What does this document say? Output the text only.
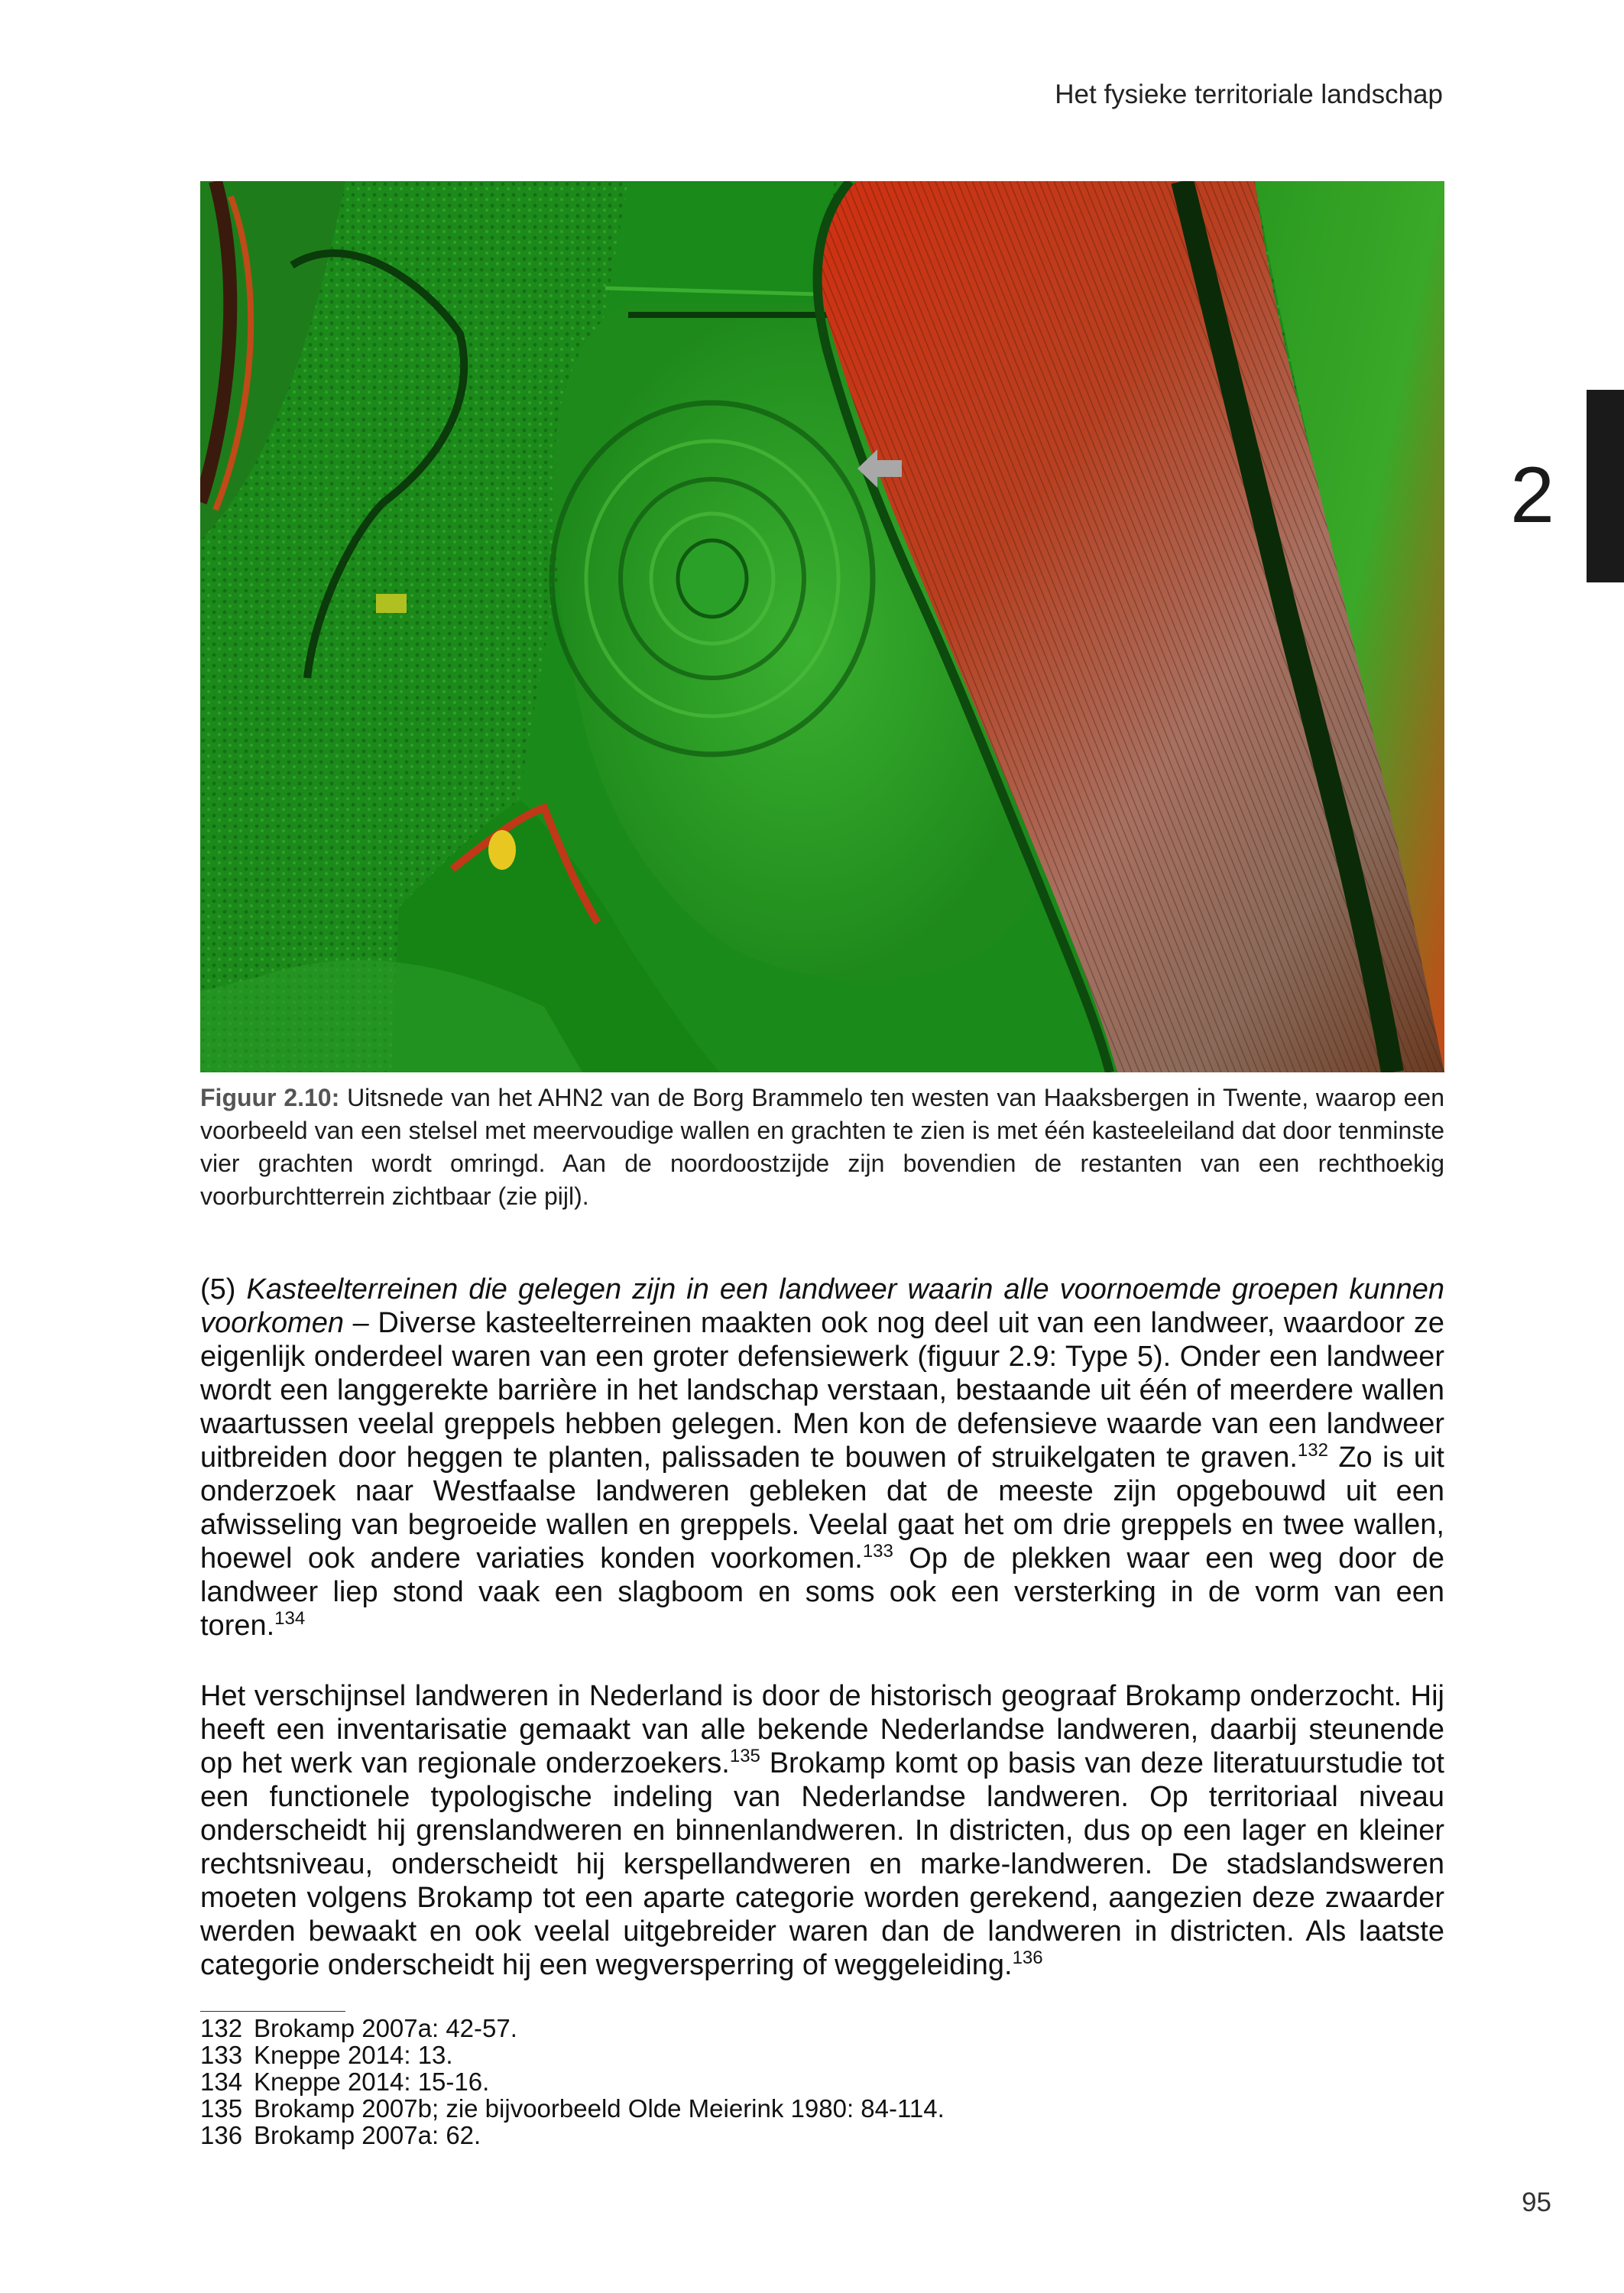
Het fysieke territoriale landschap
2
Figuur 2.10: Uitsnede van het AHN2 van de Borg Brammelo ten westen van Haaksbergen in Twente, waarop een voorbeeld van een stelsel met meervoudige wallen en grachten te zien is met één kasteeleiland dat door tenminste vier grachten wordt omringd. Aan de noordoostzijde zijn bovendien de restanten van een rechthoekig voorburchtterrein zichtbaar (zie pijl).
(5) Kasteelterreinen die gelegen zijn in een landweer waarin alle voornoemde groepen kunnen voorkomen – Diverse kasteelterreinen maakten ook nog deel uit van een landweer, waardoor ze eigenlijk onderdeel waren van een groter defensiewerk (figuur 2.9: Type 5). Onder een landweer wordt een langgerekte barrière in het landschap verstaan, bestaande uit één of meerdere wallen waartussen veelal greppels hebben gelegen. Men kon de defensieve waarde van een landweer uitbreiden door heggen te planten, palissaden te bouwen of struikelgaten te graven.$^{132}$ Zo is uit onderzoek naar Westfaalse landweren gebleken dat de meeste zijn opgebouwd uit een afwisseling van begroeide wallen en greppels. Veelal gaat het om drie greppels en twee wallen, hoewel ook andere variaties konden voorkomen.$^{133}$ Op de plekken waar een weg door de landweer liep stond vaak een slagboom en soms ook een versterking in de vorm van een toren.$^{134}$
Het verschijnsel landweren in Nederland is door de historisch geograaf Brokamp onderzocht. Hij heeft een inventarisatie gemaakt van alle bekende Nederlandse landweren, daarbij steunende op het werk van regionale onderzoekers.$^{135}$ Brokamp komt op basis van deze literatuurstudie tot een functionele typologische indeling van Nederlandse landweren. Op territoriaal niveau onderscheidt hij grenslandweren en binnenlandweren. In districten, dus op een lager en kleiner rechtsniveau, onderscheidt hij kerspellandweren en marke-landweren. De stadslandsweren moeten volgens Brokamp tot een aparte categorie worden gerekend, aangezien deze zwaarder werden bewaakt en ook veelal uitgebreider waren dan de landweren in districten. Als laatste categorie onderscheidt hij een wegversperring of weggeleiding.$^{136}$
132 Brokamp 2007a: 42-57.
133 Kneppe 2014: 13.
134 Kneppe 2014: 15-16.
135 Brokamp 2007b; zie bijvoorbeeld Olde Meierink 1980: 84-114.
136 Brokamp 2007a: 62.
95
